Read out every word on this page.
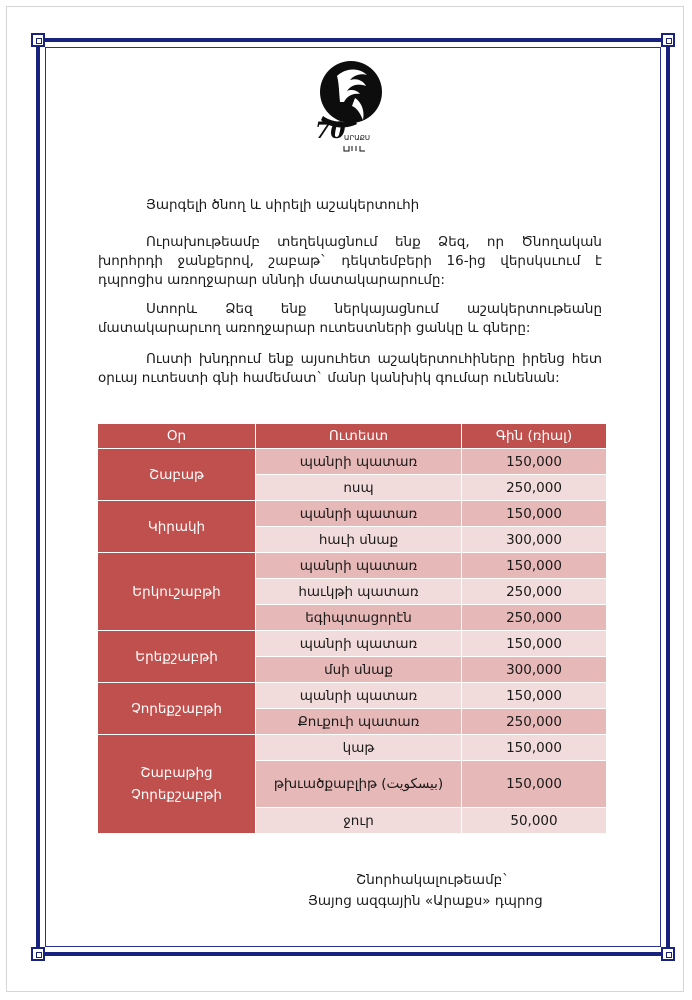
70
ԱՐԱՔՍ
Յարգելի ծնող և սիրելի աշակերտուհի

Ուրախութեամբ տեղեկացնում ենք Ձեզ, որ Ծնողական խորհրդի ջանքերով, շաբաթ` դեկտեմբերի 16-ից վերսկսւում է դպրոցիս առողջարար սննդի մատակարարումը:

Ստորև Ձեզ ենք ներկայացնում աշակերտութեանը մատակարարւող առողջարար ուտեստների ցանկը և գները:

Ուստի խնդրում ենք այսուհետ աշակերտուհիները իրենց հետ օրւայ ուտեստի գնի համեմատ` մանր կանխիկ գումար ունենան:

Օր	Ուտեստ	Գին (ռիալ)
Շաբաթ	պանրի պատառ	150,000
	ոսպ	250,000
Կիրակի	պանրի պատառ	150,000
	հաւի սնաք	300,000
Երկուշաբթի	պանրի պատառ	150,000
	հաւկթի պատառ	250,000
	եգիպտացորէն	250,000
Երեքշաբթի	պանրի պատառ	150,000
	մսի սնաք	300,000
Չորեքշաբթի	պանրի պատառ	150,000
	Քուքուի պատառ	250,000
Շաբաթից Չորեքշաբթի	կաթ	150,000
	թխւածքաբլիթ (بیسکویت)	150,000
	ջուր	50,000
Շնորհակալութեամբ`
Յայոց ազգային «Արաքս» դպրոց
